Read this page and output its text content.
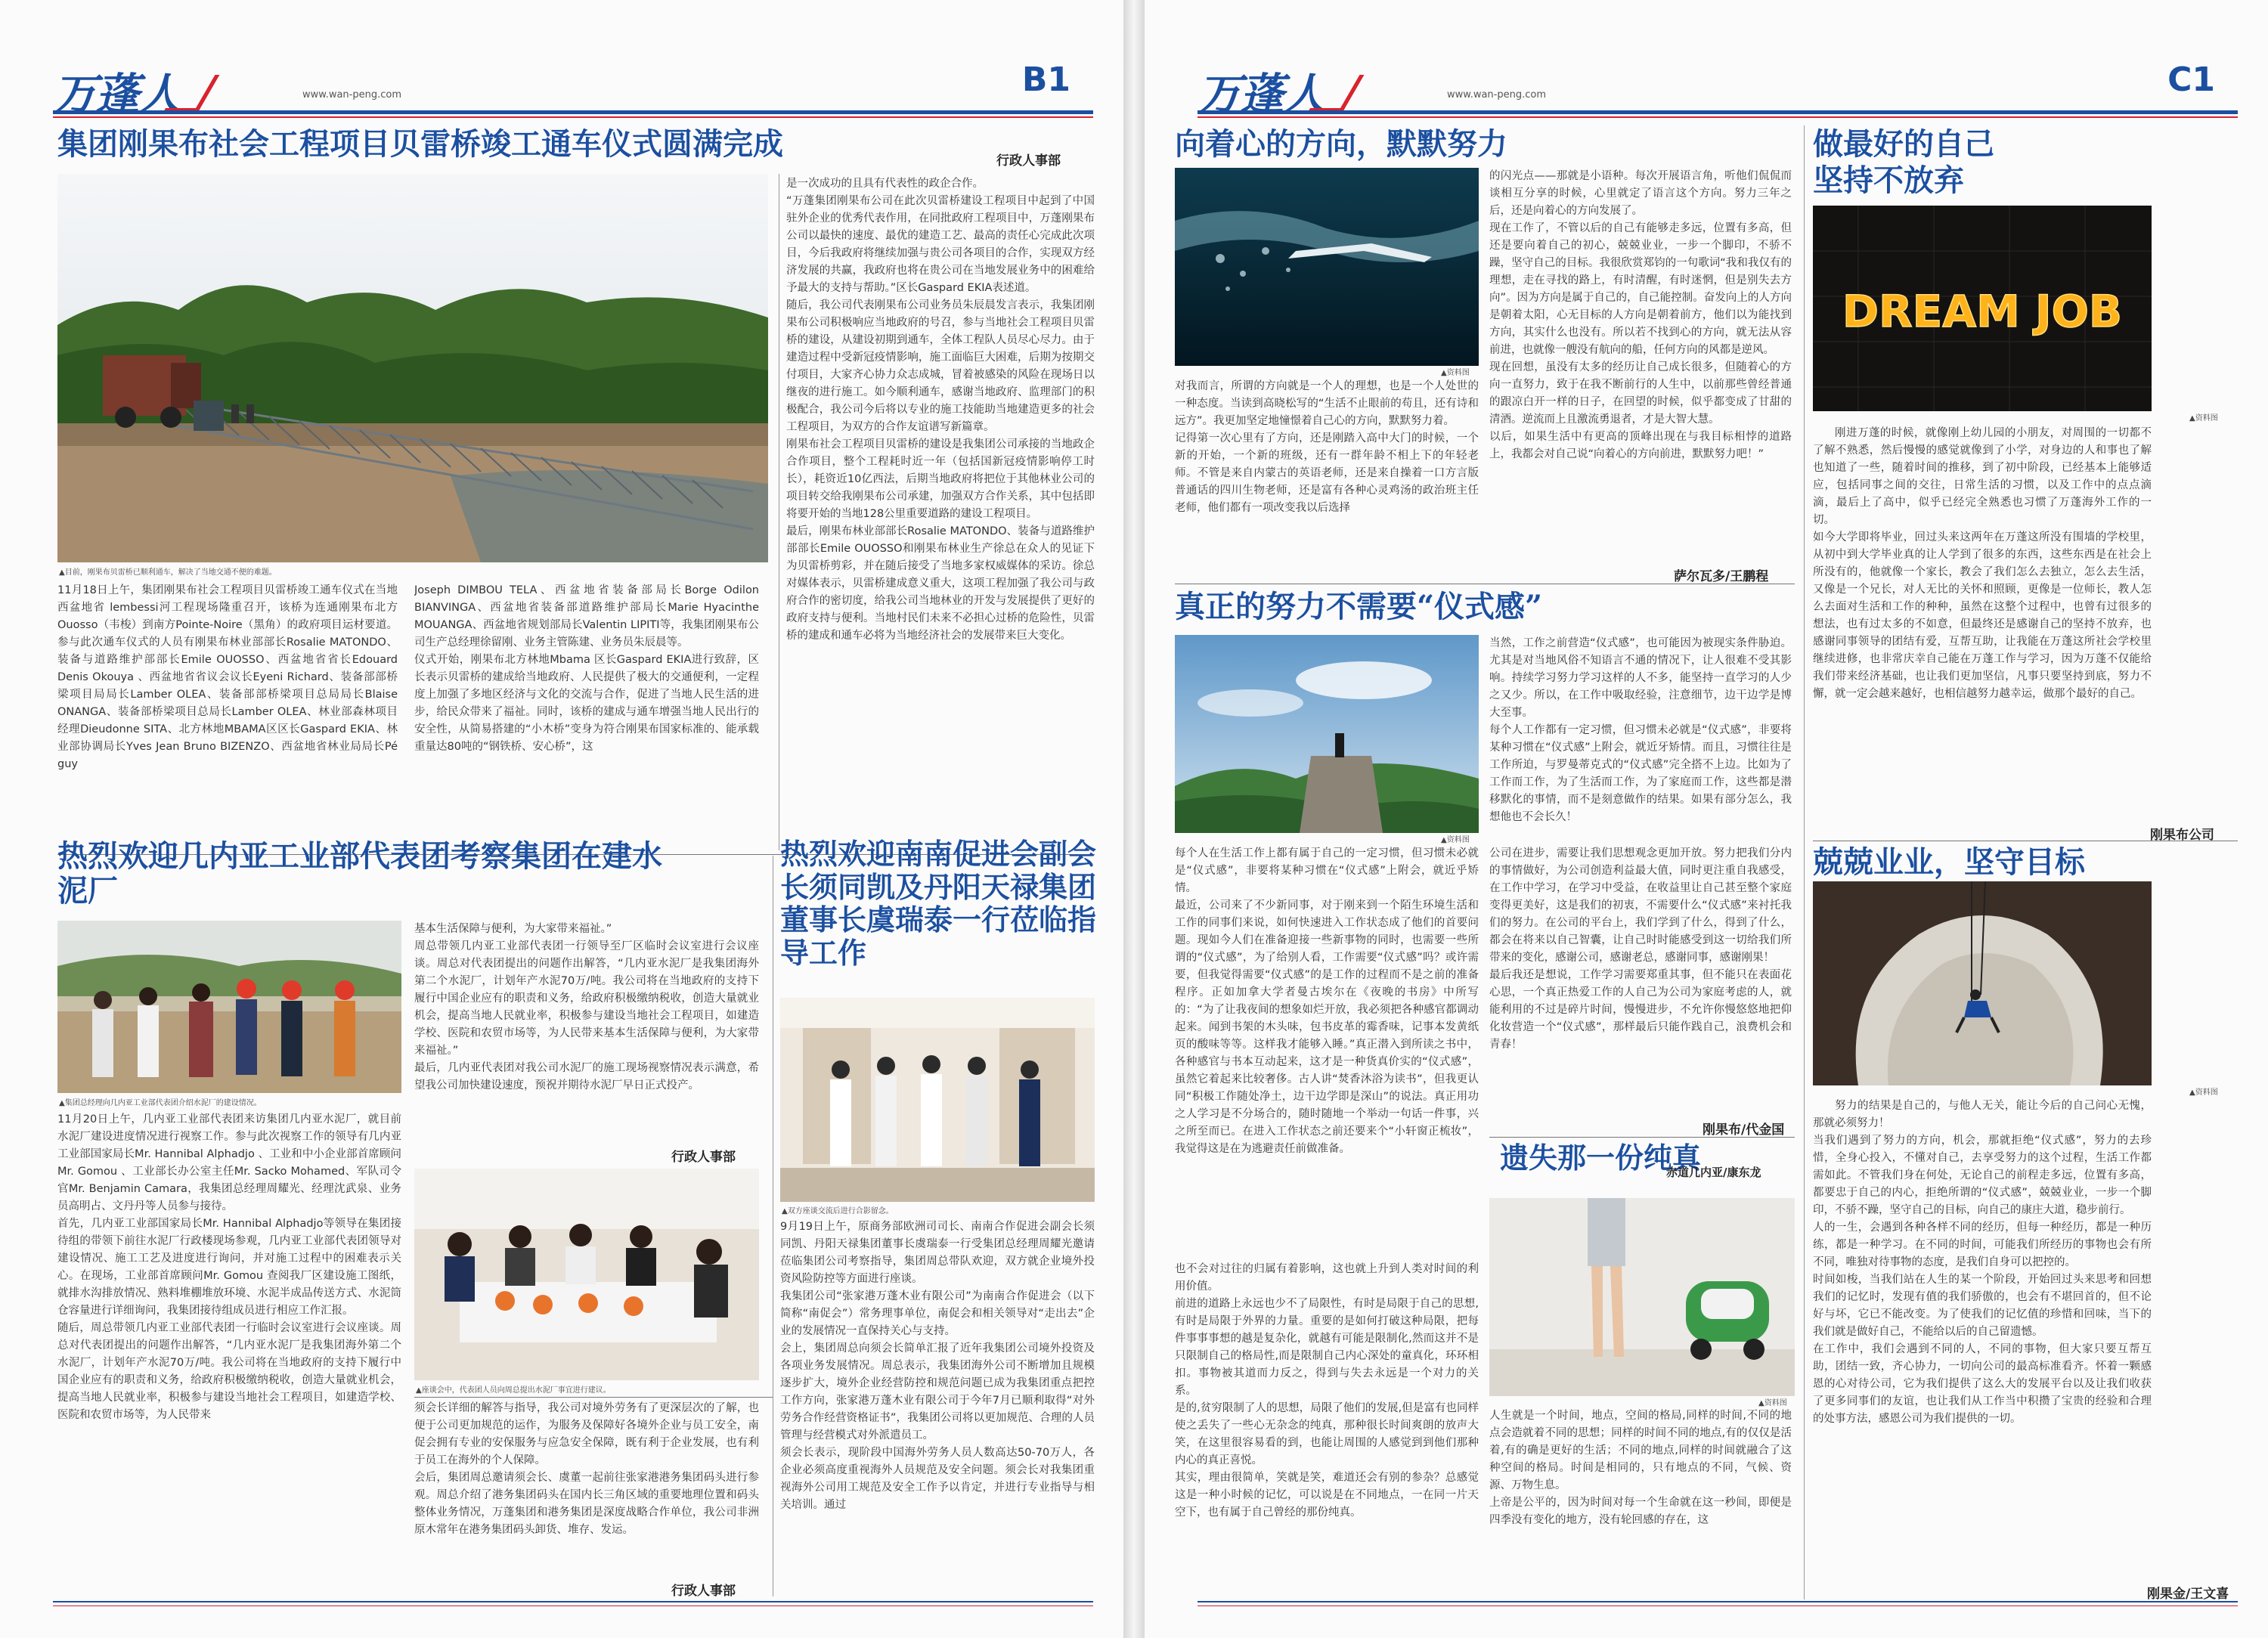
万蓬人	www.wan-peng.com	B1
集团刚果布社会工程项目贝雷桥竣工通车仪式圆满完成	行政人事部
▲目前，刚果布贝雷桥已顺利通车，解决了当地交通不便的难题。

11月18日上午，集团刚果布社会工程项目贝雷桥竣工通车仪式在当地西盆地省 lembessi河工程现场隆重召开，该桥为连通刚果布北方Ouosso（韦梭）到南方Pointe-Noire（黑角）的政府项目运材要道。参与此次通车仪式的人员有刚果布林业部部长Rosalie MATONDO、装备与道路维护部部长Emile OUOSSO、西盆地省省长Edouard Denis Okouya 、西盆地省省议会议长Eyeni Richard、装备部部桥梁项目局局长Lamber OLEA、装备部部桥梁项目总局局长Blaise ONANGA、装备部桥梁项目总局长Lamber OLEA、林业部森林项目经理Dieudonne SITA、北方林地MBAMA区区长Gaspard EKIA、林业部协调局长Yves Jean Bruno BIZENZO、西盆地省林业局局长Pé guy

Joseph DIMBOU TELA、西盆地省装备部局长Borge Odilon BIANVINGA、西盆地省装备部道路维护部局长Marie Hyacinthe MOUANGA、西盆地省规划部局长Valentin LIPITI等，我集团刚果布公司生产总经理徐留刚、业务主管陈建、业务员朱辰晨等。
仪式开始，刚果布北方林地Mbama 区长Gaspard EKIA进行致辞，区长表示贝雷桥的建成给当地政府、人民提供了极大的交通便利，一定程度上加强了多地区经济与文化的交流与合作，促进了当地人民生活的进步，给民众带来了福祉。同时，该桥的建成与通车增强当地人民出行的安全性，从简易搭建的“小木桥”变身为符合刚果布国家标准的、能承载重量达80吨的“钢铁桥、安心桥”，这

是一次成功的且具有代表性的政企合作。
“万蓬集团刚果布公司在此次贝雷桥建设工程项目中起到了中国驻外企业的优秀代表作用，在同批政府工程项目中，万蓬刚果布公司以最快的速度、最优的建造工艺、最高的责任心完成此次项目，今后我政府将继续加强与贵公司各项目的合作，实现双方经济发展的共赢，我政府也将在贵公司在当地发展业务中的困难给予最大的支持与帮助。”区长Gaspard EKIA表述道。
随后，我公司代表刚果布公司业务员朱辰晨发言表示，我集团刚果布公司积极响应当地政府的号召，参与当地社会工程项目贝雷桥的建设，从建设初期到通车，全体工程队人员尽心尽力。由于建造过程中受新冠疫情影响，施工面临巨大困难，后期为按期交付项目，大家齐心协力众志成城，冒着被感染的风险在现场日以继夜的进行施工。如今顺利通车，感谢当地政府、监理部门的积极配合，我公司今后将以专业的施工技能助当地建造更多的社会工程项目，为双方的合作友谊谱写新篇章。
刚果布社会工程项目贝雷桥的建设是我集团公司承接的当地政企合作项目，整个工程耗时近一年（包括国新冠疫情影响停工时长），耗资近10亿西法，后期当地政府将把位于其他林业公司的项目转交给我刚果布公司承建，加强双方合作关系，其中包括即将要开始的当地128公里重要道路的建设工程项目。
最后，刚果布林业部部长Rosalie MATONDO、装备与道路维护部部长Emile OUOSSO和刚果布林业生产徐总在众人的见证下为贝雷桥剪彩，并在随后接受了当地多家权威媒体的采访。徐总对媒体表示，贝雷桥建成意义重大，这项工程加强了我公司与政府合作的密切度，给我公司当地林业的开发与发展提供了更好的政府支持与便利。当地村民们未来不必担心过桥的危险性，贝雷桥的建成和通车必将为当地经济社会的发展带来巨大变化。

热烈欢迎几内亚工业部代表团考察集团在建水泥厂
▲集团总经理向几内亚工业部代表团介绍水泥厂的建设情况。

11月20日上午，几内亚工业部代表团来访集团几内亚水泥厂，就目前水泥厂建设进度情况进行视察工作。参与此次视察工作的领导有几内亚工业部国家局长Mr. Hannibal Alphadjo 、工业和中小企业部首席顾问Mr. Gomou 、工业部长办公室主任Mr. Sacko Mohamed、军队司令官Mr. Benjamin Camara，我集团总经理周耀光、经理沈武泉、业务员高明占、文丹丹等人员参与接待。
首先，几内亚工业部国家局长Mr. Hannibal Alphadjo等领导在集团接待组的带领下前往水泥厂行政楼现场参观，几内亚工业部代表团领导对建设情况、施工工艺及进度进行询问，并对施工过程中的困难表示关心。在现场，工业部首席顾问Mr. Gomou 查阅我厂区建设施工图纸，就排水沟排放情况、熟料堆棚堆放环境、水泥半成品传送方式、水泥筒仓容量进行详细询问，我集团接待组成员进行相应工作汇报。
随后，周总带领几内亚工业部代表团一行临时会议室进行会议座谈。周总对代表团提出的问题作出解答，“几内亚水泥厂是我集团海外第二个水泥厂，计划年产水泥70万/吨。我公司将在当地政府的支持下履行中国企业应有的职责和义务，给政府积极缴纳税收，创造大量就业机会，提高当地人民就业率，积极参与建设当地社会工程项目，如建造学校、医院和农贸市场等，为人民带来

基本生活保障与便利，为大家带来福祉。”
周总带领几内亚工业部代表团一行领导至厂区临时会议室进行会议座谈。周总对代表团提出的问题作出解答，“几内亚水泥厂是我集团海外第二个水泥厂，计划年产水泥70万/吨。我公司将在当地政府的支持下履行中国企业应有的职责和义务，给政府积极缴纳税收，创造大量就业机会，提高当地人民就业率，积极参与建设当地社会工程项目，如建造学校、医院和农贸市场等，为人民带来基本生活保障与便利，为大家带来福祉。”
最后，几内亚代表团对我公司水泥厂的施工现场视察情况表示满意，希望我公司加快建设速度，预祝并期待水泥厂早日正式投产。

行政人事部
▲座谈会中，代表团人员向周总提出水泥厂事宜进行建议。
热烈欢迎南南促进会副会长须同凯及丹阳天禄集团董事长虞瑞泰一行莅临指导工作
▲双方座谈交流后进行合影留念。

9月19日上午，原商务部欧洲司司长、南南合作促进会副会长须同凯、丹阳天禄集团董事长虞瑞泰一行受集团总经理周耀光邀请莅临集团公司考察指导，集团周总带队欢迎，双方就企业境外投资风险防控等方面进行座谈。
我集团公司“张家港万蓬木业有限公司”为南南合作促进会（以下简称“南促会”）常务理事单位，南促会和相关领导对“走出去”企业的发展情况一直保持关心与支持。
会上，集团周总向须会长简单汇报了近年我集团公司境外投资及各项业务发展情况。周总表示，我集团海外公司不断增加且规模逐步扩大，境外企业经营防控和规范问题已成为我集团重点把控工作方向，张家港万蓬木业有限公司于今年7月已顺利取得“对外劳务合作经营资格证书”，我集团公司将以更加规范、合理的人员管理与经营模式对外派遣员工。
须会长表示，现阶段中国海外劳务人员人数高达50-70万人，各企业必须高度重视海外人员规范及安全问题。须会长对我集团重视海外公司用工规范及安全工作予以肯定，并进行专业指导与相关培训。通过

须会长详细的解答与指导，我公司对境外劳务有了更深层次的了解，也便于公司更加规范的运作，为服务及保障好各境外企业与员工安全，南促会拥有专业的安保服务与应急安全保障，既有利于企业发展，也有利于员工在海外的个人保障。
会后，集团周总邀请须会长、虞董一起前往张家港港务集团码头进行参观。周总介绍了港务集团码头在国内长三角区域的重要地理位置和码头整体业务情况，万蓬集团和港务集团是深度战略合作单位，我公司非洲原木常年在港务集团码头卸货、堆存、发运。

行政人事部
万蓬人	www.wan-peng.com	C1
向着心的方向，默默努力
▲资料图

对我而言，所谓的方向就是一个人的理想，也是一个人处世的一种态度。当读到高晓松写的“生活不止眼前的苟且，还有诗和远方”。我更加坚定地憧憬着自己心的方向，默默努力着。
记得第一次心里有了方向，还是刚踏入高中大门的时候，一个新的开始，一个新的班级，还有一群年龄不相上下的年轻老师。不管是来自内蒙古的英语老师，还是来自操着一口方言版普通话的四川生物老师，还是富有各种心灵鸡汤的政治班主任老师，他们都有一项改变我以后选择

的闪光点——那就是小语种。每次开展语言角，听他们侃侃而谈相互分享的时候，心里就定了语言这个方向。努力三年之后，还是向着心的方向发展了。
现在工作了，不管以后的自己有能够走多远，位置有多高，但还是要向着自己的初心，兢兢业业，一步一个脚印，不骄不躁，坚守自己的目标。我很欣赏郑钧的一句歌词“我和我仅有的理想，走在寻找的路上，有时清醒，有时迷惘，但是别失去方向”。因为方向是属于自己的，自己能控制。奋发向上的人方向是朝着太阳，心无目标的人方向是朝着前方，他们以为能找到方向，其实什么也没有。所以若不找到心的方向，就无法从容前进，也就像一艘没有航向的船，任何方向的风都是逆风。
现在回想，虽没有太多的经历让自己成长很多，但随着心的方向一直努力，致于在我不断前行的人生中，以前那些曾经普通的跟凉白开一样的日子，在回望的时候，似乎都变成了甘甜的清酒。逆流而上且激流勇退者，才是大智大慧。
以后，如果生活中有更高的顶峰出现在与我目标相悖的道路上，我都会对自己说“向着心的方向前进，默默努力吧！”

萨尔瓦多/王鹏程
真正的努力不需要“仪式感”
▲资料图

当然，工作之前营造“仪式感”，也可能因为被现实条件胁迫。尤其是对当地风俗不知语言不通的情况下，让人很难不受其影响。持续学习努力学习这样的人不多，能坚持一直学习的人少之又少。所以，在工作中吸取经验，注意细节，边干边学是博大至事。
每个人工作都有一定习惯，但习惯未必就是“仪式感”，非要将某种习惯在“仪式感”上附会，就近牙矫情。而且，习惯往往是工作所迫，与罗曼蒂克式的“仪式感”完全搭不上边。比如为了工作而工作，为了生活而工作，为了家庭而工作，这些都是潜移默化的事情，而不是刻意做作的结果。如果有部分怎么，我想他也不会长久！

每个人在生活工作上都有属于自己的一定习惯，但习惯未必就是“仪式感”，非要将某种习惯在“仪式感”上附会，就近乎矫情。
最近，公司来了不少新同事，对于刚来到一个陌生环境生活和工作的同事们来说，如何快速进入工作状态成了他们的首要问题。现如今人们在准备迎接一些新事物的同时，也需要一些所谓的“仪式感”，为了给别人看，工作需要“仪式感”吗？或许需要，但我觉得需要“仪式感”的是工作的过程而不是之前的准备程序。正如加拿大学者曼古埃尔在《夜晚的书房》中所写的：“为了让我夜间的想象如烂开放，我必须把各种感官都调动起来。闻到书架的木头味，包书皮革的霉香味，记事本发黄纸页的酸味等等。这样我才能够入睡。”真正潜入到所读之书中，各种感官与书本互动起来，这才是一种货真价实的“仪式感”，虽然它着起来比较奢侈。古人讲“焚香沐浴为读书”，但我更认同“积极工作随处净土，边干边学即是深山”的说法。真正用功之人学习是不分场合的，随时随地一个举动一句话一件事，兴之所至而已。在进入工作状态之前还要来个“小轩窗正梳妆”，我觉得这是在为逃避责任前做准备。

公司在进步，需要让我们思想观念更加开放。努力把我们分内的事情做好，为公司创造利益最大值，同时更注重自我感受，在工作中学习，在学习中受益，在收益里让自己甚至整个家庭变得更美好，这是我们的初衷，不需要什么“仪式感”来衬托我们的努力。在公司的平台上，我们学到了什么，得到了什么，都会在将来以自己智囊，让自己时时能感受到这一切给我们所带来的变化，感谢公司，感谢老总，感谢同事，感谢刚果！
最后我还是想说，工作学习需要郑重其事，但不能只在表面花心思，一个真正热爱工作的人自己为公司为家庭考虑的人，就能利用的不过是碎片时间，慢慢进步，不允许你慢悠悠地把仰化妆营造一个“仪式感”，那样最后只能作践自己，浪费机会和青春！

刚果布/代金国
遗失那一份纯真
赤道几内亚/康东龙
▲资料图

也不会对过往的归属有着影响，这也就上升到人类对时间的利用价值。
前进的道路上永远也少不了局限性，有时是局限于自己的思想,有时是局限于外界的力量。重要的是如何打破这种局限，把每件事事事想的越是复杂化，就越有可能是限制化,然而这并不是只限制自己的格局性,而是限制自己内心深处的童真化，环环相扣。事物被其道而力反之，得到与失去永远是一个对力的关系。
是的,贫穷限制了人的思想，局限了他们的发展,但是富有也同样使之丢失了一些心无杂念的纯真，那种很长时间爽朗的放声大笑，在这里很容易看的到，也能让周围的人感觉到到他们那种内心的真正喜悦。
其实，理由很简单，笑就是笑，难道还会有别的参杂？总感觉这是一种小时候的记忆，可以说是在不同地点，一在同一片天空下，也有属于自己曾经的那份纯真。

人生就是一个时间，地点，空间的格局,同样的时间,不同的地点会造就着不同的思想；同样的时间不同的地点,有的仅仅是活着,有的确是更好的生活；不同的地点,同样的时间就融合了这种空间的格局。时间是相同的，只有地点的不同，气候、资源、万物生息。
上帝是公平的，因为时间对每一个生命就在这一秒间，即便是四季没有变化的地方，没有轮回感的存在，这

做最好的自己
坚持不放弃
DREAM JOB
▲资料图

刚进万蓬的时候，就像刚上幼儿园的小朋友，对周围的一切都不了解不熟悉，然后慢慢的感觉就像到了小学，对身边的人和事也了解也知道了一些，随着时间的推移，到了初中阶段，已经基本上能够适应，包括同事之间的交往，日常生活的习惯，以及工作中的点点滴滴，最后上了高中，似乎已经完全熟悉也习惯了万蓬海外工作的一切。
如今大学即将毕业，回过头来这两年在万蓬这所没有围墙的学校里，从初中到大学毕业真的让人学到了很多的东西，这些东西是在社会上所没有的，他就像一个家长，教会了我们怎么去独立，怎么去生活，又像是一个兄长，对人无比的关怀和照顾，更像是一位师长，教人怎么去面对生活和工作的种种，虽然在这整个过程中，也曾有过很多的想法，也有过太多的不如意，但最终还是感谢自己的坚持不放弃，也感谢同事领导的团结有爱，互帮互助，让我能在万蓬这所社会学校里继续进修，也非常庆幸自己能在万蓬工作与学习，因为万蓬不仅能给我们带来经济基础，也让我们更加坚信，凡事只要坚持到底，努力不懈，就一定会越来越好，也相信越努力越幸运，做那个最好的自己。

刚果布公司
兢兢业业，坚守目标
▲资料图

努力的结果是自己的，与他人无关，能让今后的自己问心无愧，那就必须努力！
当我们遇到了努力的方向，机会，那就拒绝“仪式感”，努力的去珍惜，全身心投入，不懂对自己，去享受努力的这个过程，生活工作都需如此。不管我们身在何处，无论自己的前程走多远，位置有多高，都要忠于自己的内心，拒绝所谓的“仪式感”，兢兢业业，一步一个脚印，不骄不躁，坚守自己的目标，向自己的康庄大道，稳步前行。
人的一生，会遇到各种各样不同的经历，但每一种经历，都是一种历练，都是一种学习。在不同的时间，可能我们所经历的事物也会有所不同，唯独对待事物的态度，是我们自身可以把控的。
时间如梭，当我们站在人生的某一个阶段，开始回过头来思考和回想我们的记忆时，发现有值的我们骄傲的，也会有不堪回首的，但不论好与坏，它已不能改变。为了使我们的记忆值的珍惜和回味，当下的我们就是做好自己，不能给以后的自己留遗憾。
在工作中，我们会遇到不同的人，不同的事物，但大家只要互帮互助，团结一致，齐心协力，一切向公司的最高标准看齐。怀着一颗感恩的心对待公司，它为我们提供了这么大的发展平台以及让我们收获了更多同事们的友谊，也让我们从工作当中积攒了宝贵的经验和合理的处事方法，感恩公司为我们提供的一切。

刚果金/王文喜
